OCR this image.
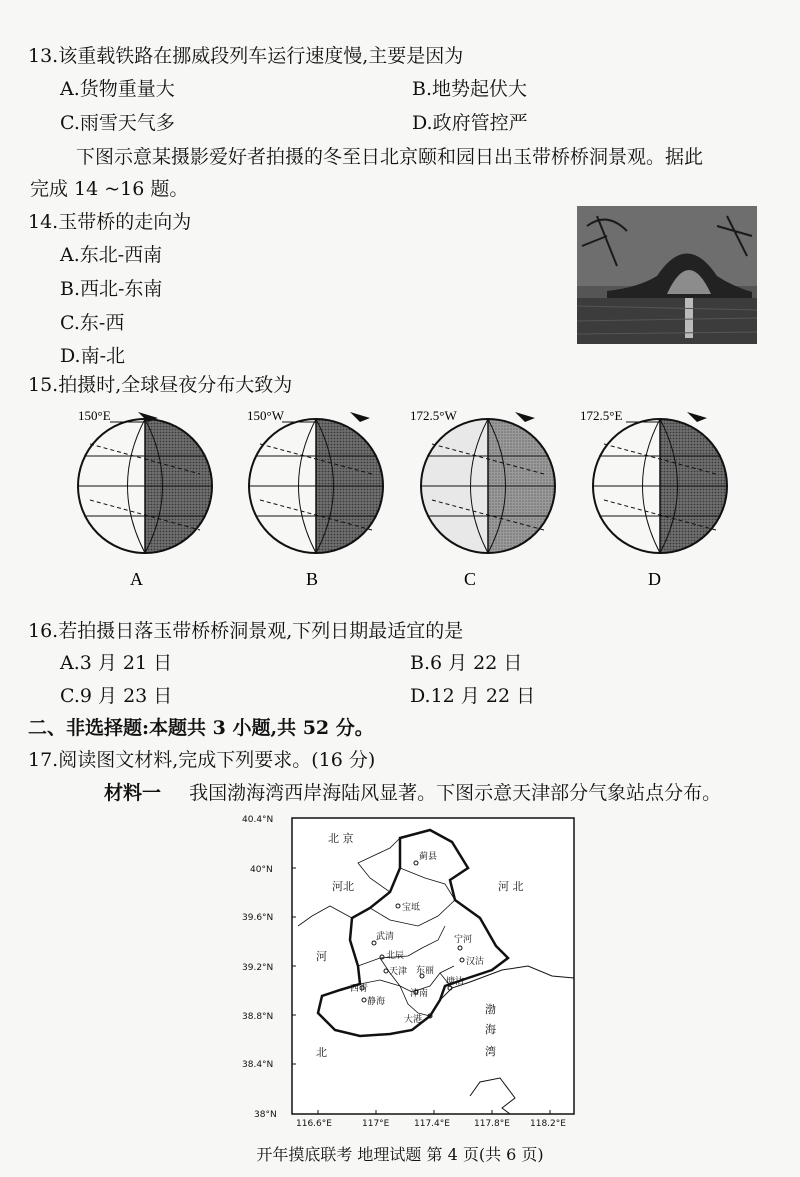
13.该重载铁路在挪威段列车运行速度慢,主要是因为
A.货物重量大	B.地势起伏大
C.雨雪天气多	D.政府管控严
下图示意某摄影爱好者拍摄的冬至日北京颐和园日出玉带桥桥洞景观。据此
完成 14 ~16 题。
14.玉带桥的走向为
A.东北-西南
B.西北-东南
C.东-西
D.南-北
15.拍摄时,全球昼夜分布大致为
150°E
A
150°W
B
172.5°W
C
172.5°E
D
16.若拍摄日落玉带桥桥洞景观,下列日期最适宜的是
A.3 月 21 日	B.6 月 22 日
C.9 月 23 日	D.12 月 22 日
二、非选择题:本题共 3 小题,共 52 分。
17.阅读图文材料,完成下列要求。(16 分)
材料一 我国渤海湾西岸海陆风显著。下图示意天津部分气象站点分布。
40.4°N
40°N
39.6°N
39.2°N
38.8°N
38.4°N
38°N
116.6°E	117°E	117.4°E	117.8°E 118.2°E
北 京
河北	河 北
河
北
渤
海
湾
蓟县
宝坻
武清	宁河
汉沽
北辰
天津 东丽
西青
静海
津南
塘沽
大港
开年摸底联考 地理试题 第 4 页(共 6 页)
